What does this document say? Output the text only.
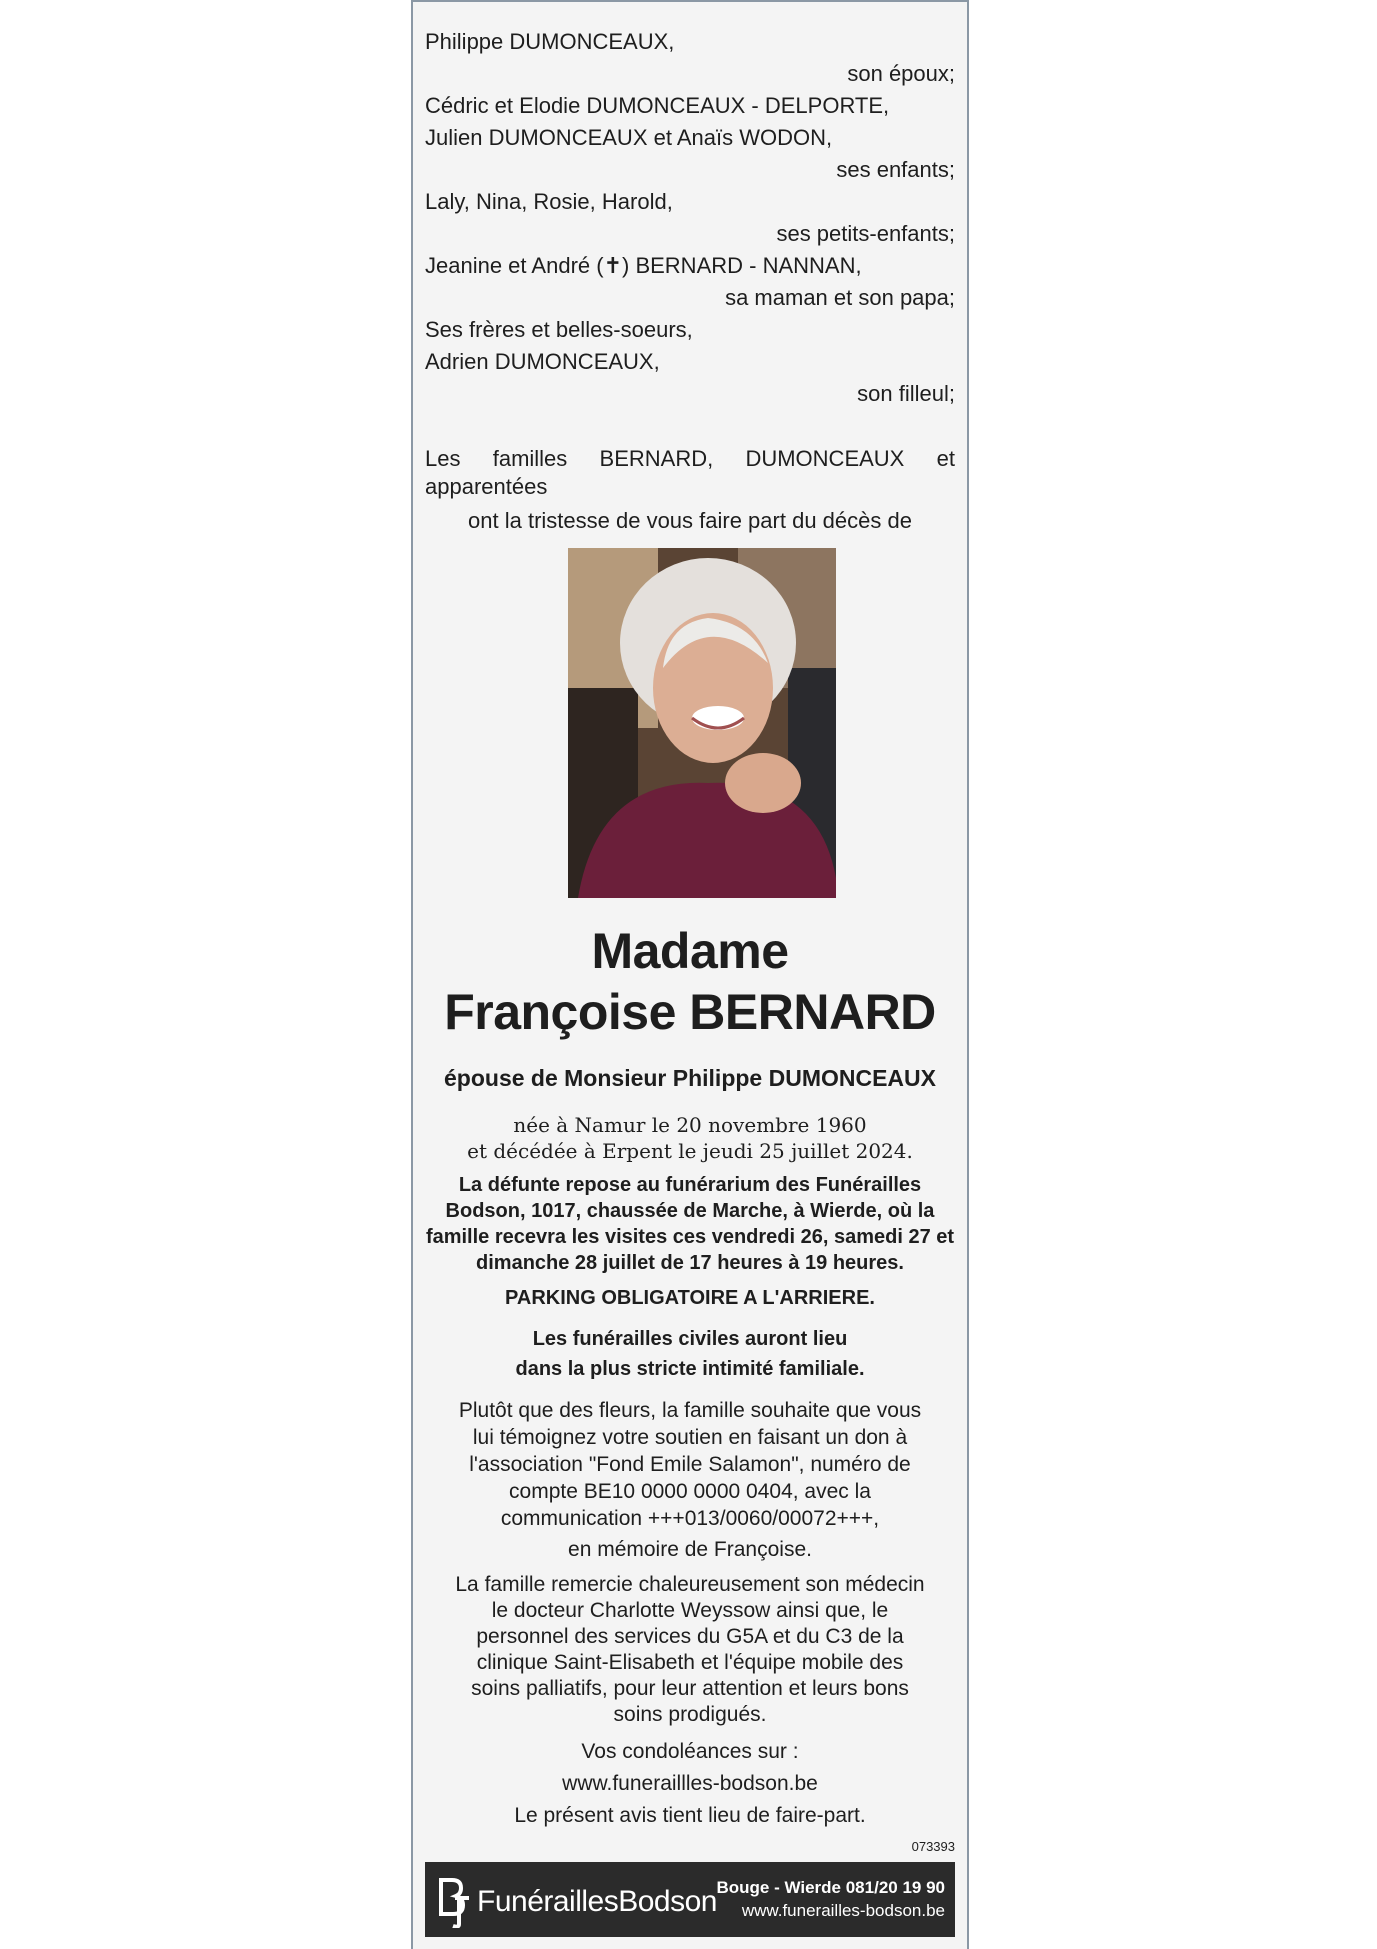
Philippe DUMONCEAUX,
son époux;
Cédric et Elodie DUMONCEAUX - DELPORTE,
Julien DUMONCEAUX et Anaïs WODON,
ses enfants;
Laly, Nina, Rosie, Harold,
ses petits-enfants;
Jeanine et André (✝) BERNARD - NANNAN,
sa maman et son papa;
Ses frères et belles-soeurs,
Adrien DUMONCEAUX,
son filleul;
Les familles BERNARD, DUMONCEAUX et
apparentées
ont la tristesse de vous faire part du décès de
Madame
Françoise BERNARD
épouse de Monsieur Philippe DUMONCEAUX
née à Namur le 20 novembre 1960
et décédée à Erpent le jeudi 25 juillet 2024.
La défunte repose au funérarium des Funérailles
Bodson, 1017, chaussée de Marche, à Wierde, où la
famille recevra les visites ces vendredi 26, samedi 27 et
dimanche 28 juillet de 17 heures à 19 heures.
PARKING OBLIGATOIRE A L'ARRIERE.
Les funérailles civiles auront lieu
dans la plus stricte intimité familiale.
Plutôt que des fleurs, la famille souhaite que vous
lui témoignez votre soutien en faisant un don à
l'association "Fond Emile Salamon", numéro de
compte BE10 0000 0000 0404, avec la
communication +++013/0060/00072+++,
en mémoire de Françoise.
La famille remercie chaleureusement son médecin
le docteur Charlotte Weyssow ainsi que, le
personnel des services du G5A et du C3 de la
clinique Saint-Elisabeth et l'équipe mobile des
soins palliatifs, pour leur attention et leurs bons
soins prodigués.
Vos condoléances sur :
www.funeraillles-bodson.be
Le présent avis tient lieu de faire-part.
073393
FunéraillesBodson Bouge - Wierde 081/20 19 90
www.funerailles-bodson.be
